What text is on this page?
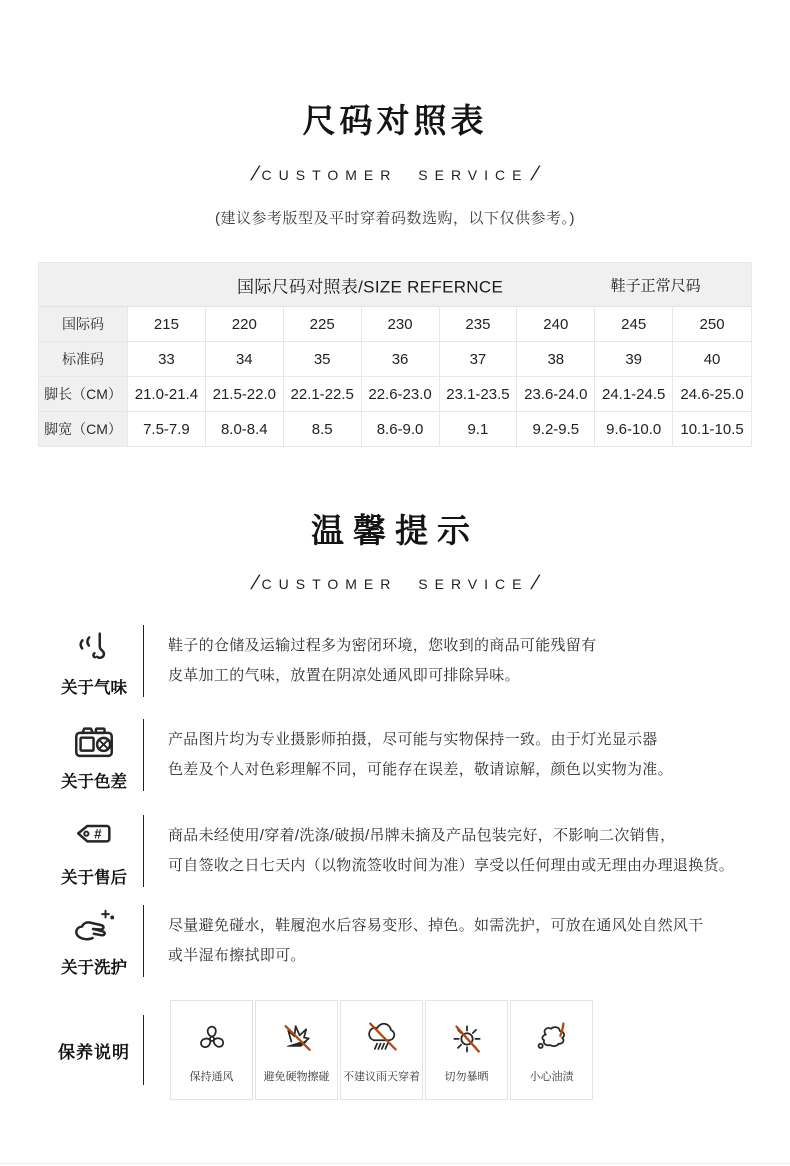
尺码对照表
/ CUSTOMER SERVICE /
(建议参考版型及平时穿着码数选购，以下仅供参考。)
国际尺码对照表/SIZE REFERNCE	鞋子正常尺码
国际码	215	220	225	230	235	240	245	250
标准码	33	34	35	36	37	38	39	40
脚长（CM） 21.0-21.4 21.5-22.0 22.1-22.5 22.6-23.0 23.1-23.5 23.6-24.0 24.1-24.5 24.6-25.0
脚宽（CM）	7.5-7.9	8.0-8.4	8.5	8.6-9.0	9.1	9.2-9.5	9.6-10.0	10.1-10.5
温馨提示
/ CUSTOMER SERVICE /
关于气味
鞋子的仓储及运输过程多为密闭环境，您收到的商品可能残留有
皮革加工的气味，放置在阴凉处通风即可排除异味。
关于色差
产品图片均为专业摄影师拍摄，尽可能与实物保持一致。由于灯光显示器
色差及个人对色彩理解不同，可能存在误差，敬请谅解，颜色以实物为准。
#
关于售后
商品未经使用/穿着/洗涤/破损/吊牌未摘及产品包装完好，不影响二次销售，
可自签收之日七天内（以物流签收时间为准）享受以任何理由或无理由办理退换货。
关于洗护
尽量避免碰水，鞋履泡水后容易变形、掉色。如需洗护，可放在通风处自然风干
或半湿布擦拭即可。
保养说明
保持通风	避免硬物擦碰 不建议雨天穿着 切勿暴晒	小心油渍
